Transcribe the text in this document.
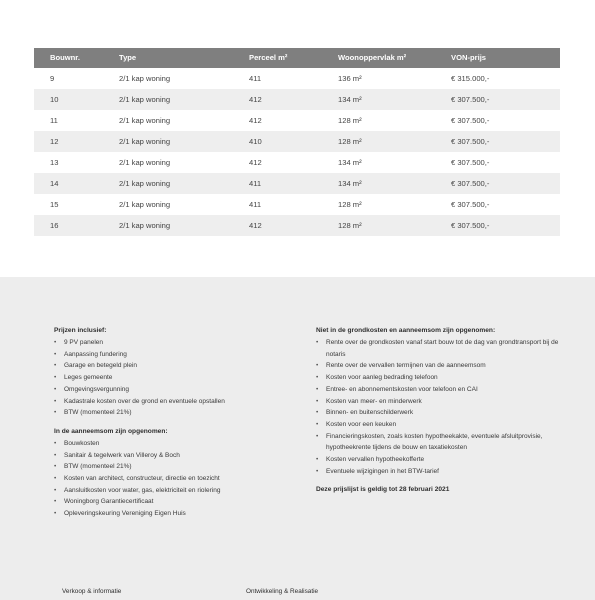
Bouwnr.	Type	Perceel m²	Woonoppervlak m²	VON-prijs
9	2/1 kap woning	411	136 m²	€ 315.000,-
10	2/1 kap woning	412	134 m²	€ 307.500,-
11	2/1 kap woning	412	128 m²	€ 307.500,-
12	2/1 kap woning	410	128 m²	€ 307.500,-
13	2/1 kap woning	412	134 m²	€ 307.500,-
14	2/1 kap woning	411	134 m²	€ 307.500,-
15	2/1 kap woning	411	128 m²	€ 307.500,-
16	2/1 kap woning	412	128 m²	€ 307.500,-
Prijzen inclusief:
• 9 PV panelen
• Aanpassing fundering
• Garage en betegeld plein
• Leges gemeente
• Omgevingsvergunning
• Kadastrale kosten over de grond en eventuele opstallen
• BTW (momenteel 21%)
In de aanneemsom zijn opgenomen:
• Bouwkosten
• Sanitair & tegelwerk van Villeroy & Boch
• BTW (momenteel 21%)
• Kosten van architect, constructeur, directie en toezicht
• Aansluitkosten voor water, gas, elektriciteit en riolering
• Woningborg Garantiecertificaat
• Opleveringskeuring Vereniging Eigen Huis
Niet in de grondkosten en aanneemsom zijn opgenomen:
• Rente over de grondkosten vanaf start bouw tot de dag van grondtransport bij de notaris
• Rente over de vervallen termijnen van de aanneemsom
• Kosten voor aanleg bedrading telefoon
• Entree- en abonnementskosten voor telefoon en CAI
• Kosten van meer- en minderwerk
• Binnen- en buitenschilderwerk
• Kosten voor een keuken
• Financieringskosten, zoals kosten hypotheekakte, eventuele afsluitprovisie, hypotheekrente tijdens de bouw en taxatiekosten
• Kosten vervallen hypotheekofferte
• Eventuele wijzigingen in het BTW-tarief
Deze prijslijst is geldig tot 28 februari 2021
Verkoop & informatie	Ontwikkeling & Realisatie
